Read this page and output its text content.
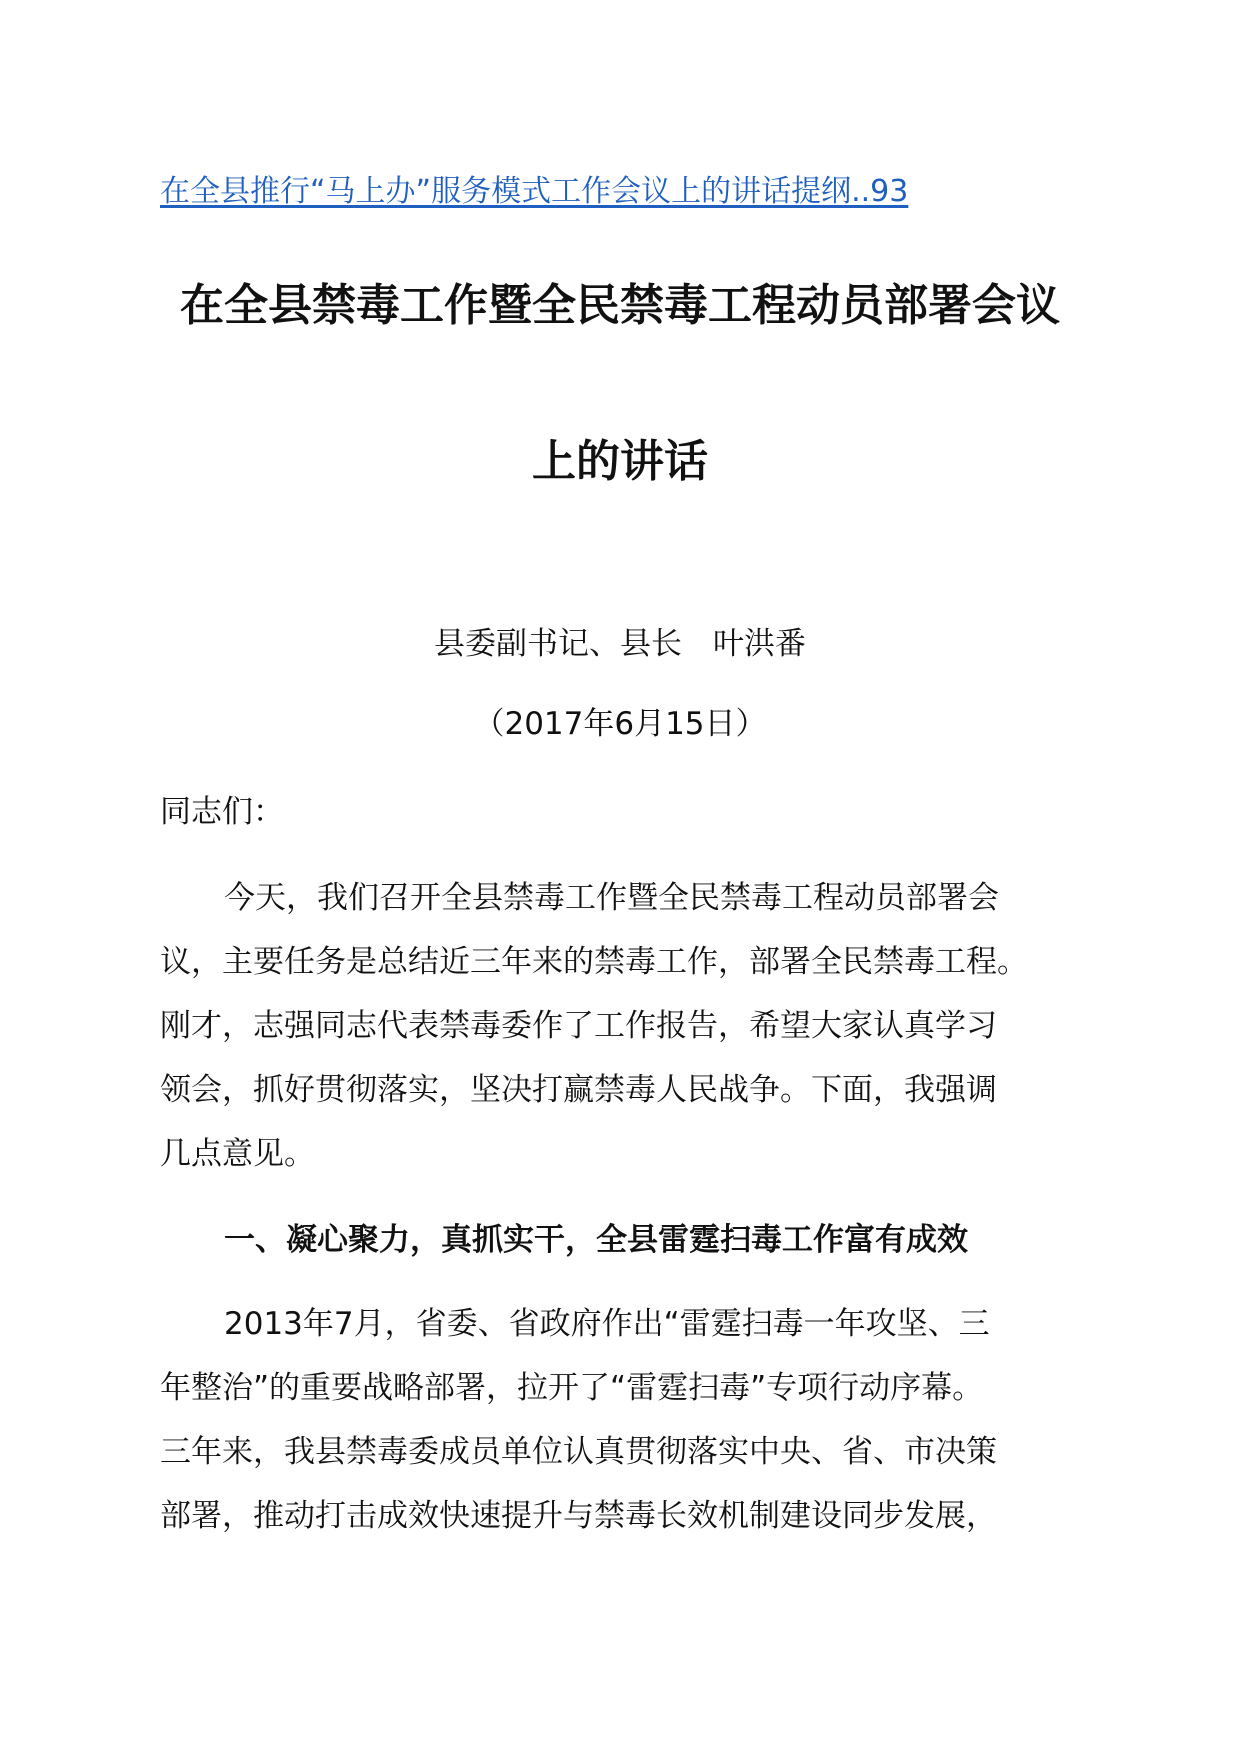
在全县推行“马上办”服务模式工作会议上的讲话提纲..93
在全县禁毒工作暨全民禁毒工程动员部署会议
上的讲话
县委副书记、县长　叶洪番
（2017年6月15日）
同志们：
今天，我们召开全县禁毒工作暨全民禁毒工程动员部署会
议，主要任务是总结近三年来的禁毒工作，部署全民禁毒工程。
刚才，志强同志代表禁毒委作了工作报告，希望大家认真学习
领会，抓好贯彻落实，坚决打赢禁毒人民战争。下面，我强调
几点意见。
一、凝心聚力，真抓实干，全县雷霆扫毒工作富有成效
2013年7月，省委、省政府作出“雷霆扫毒一年攻坚、三
年整治”的重要战略部署，拉开了“雷霆扫毒”专项行动序幕。
三年来，我县禁毒委成员单位认真贯彻落实中央、省、市决策
部署，推动打击成效快速提升与禁毒长效机制建设同步发展，
